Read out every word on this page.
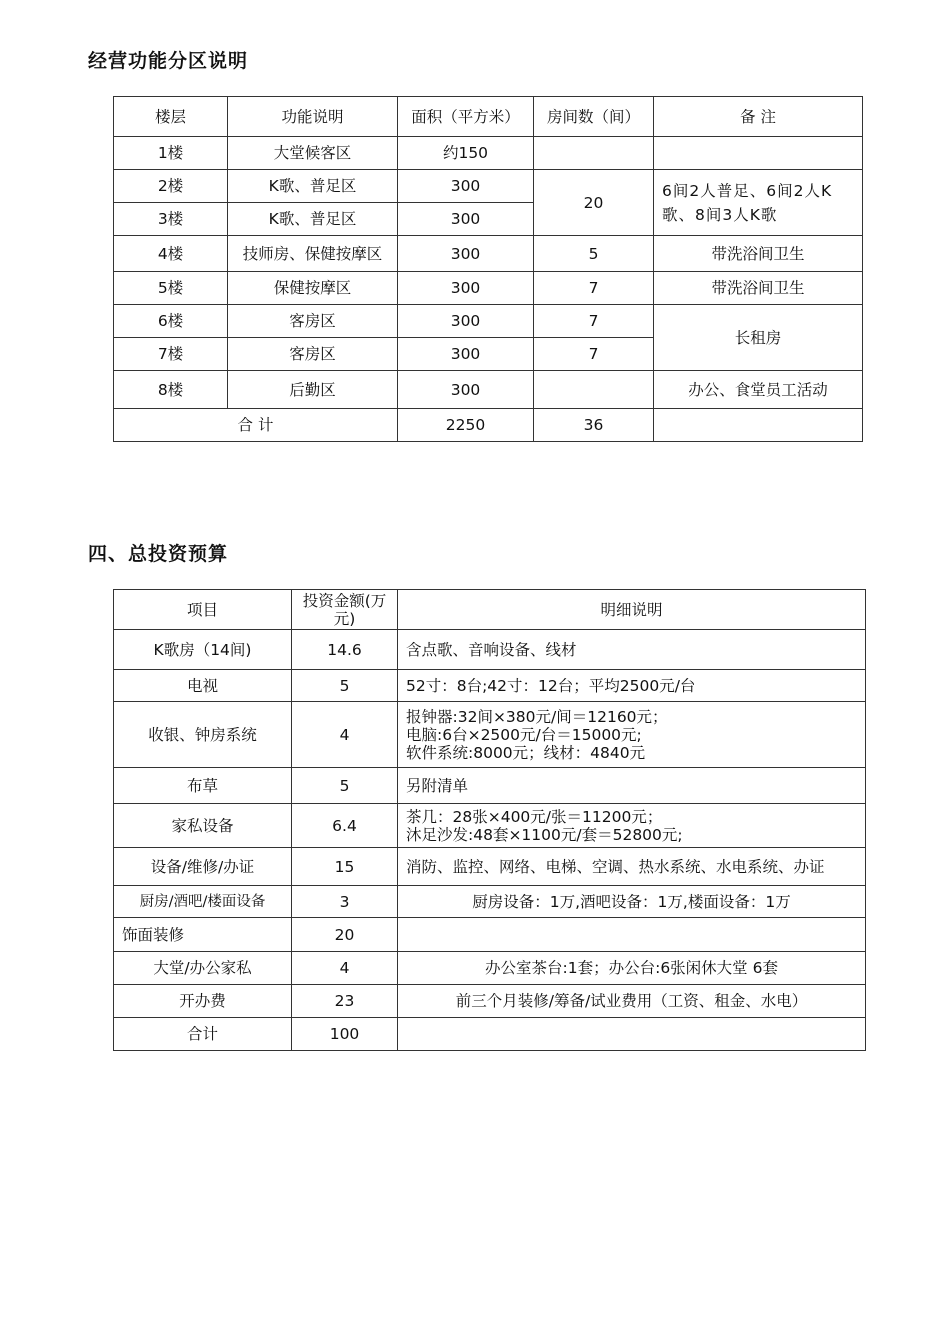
经营功能分区说明
楼层	功能说明	面积（平方米）	房间数（间）	备 注
1楼	大堂候客区	约150		
2楼	K歌、普足区	300	20	6间2人普足、6间2人K歌、8间3人K歌
3楼	K歌、普足区	300		
4楼	技师房、保健按摩区	300	5	带洗浴间卫生
5楼	保健按摩区	300	7	带洗浴间卫生
6楼	客房区	300	7	长租房
7楼	客房区	300	7	
8楼	后勤区	300		办公、食堂员工活动
合 计		2250	36	
四、总投资预算
项目	投资金额(万元)	明细说明
K歌房（14间)	14.6	含点歌、音响设备、线材

电视	5	52寸：8台;42寸：12台；平均2500元/台

收银、钟房系统	4	报钟器:32间×380元/间＝12160元；
电脑:6台×2500元/台＝15000元;
软件系统:8000元；线材：4840元

布草	5	另附清单

家私设备	6.4	茶几：28张×400元/张＝11200元；
沐足沙发:48套×1100元/套＝52800元;

设备/维修/办证	15	消防、监控、网络、电梯、空调、热水系统、水电系统、办证

厨房/酒吧/楼面设备	3	厨房设备：1万,酒吧设备：1万,楼面设备：1万

饰面装修	20	

大堂/办公家私	4	办公室茶台:1套；办公台:6张闲休大堂 6套

开办费	23	前三个月装修/筹备/试业费用（工资、租金、水电）

合计	100	
